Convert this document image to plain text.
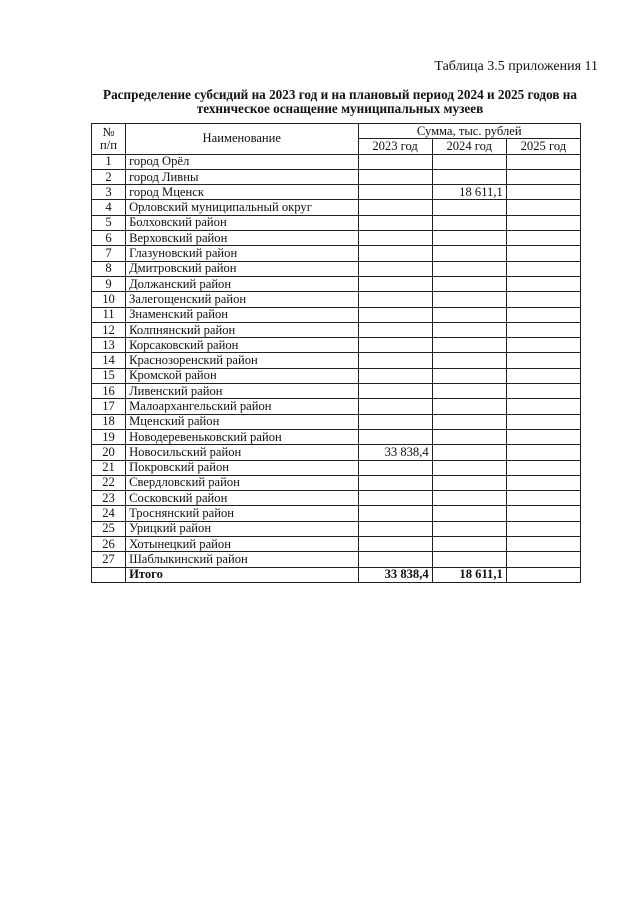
Таблица 3.5 приложения 11
Распределение субсидий на 2023 год и на плановый период 2024 и 2025 годов на
техническое оснащение муниципальных музеев
№
п/п	Наименование	Сумма, тыс. рублей		
		2023 год	2024 год	2025 год
1	город Орёл			
2	город Ливны			
3	город Мценск		18 611,1	
4	Орловский муниципальный округ			
5	Болховский район			
6	Верховский район			
7	Глазуновский район			
8	Дмитровский район			
9	Должанский район			
10	Залегощенский район			
11	Знаменский район			
12	Колпнянский район			
13	Корсаковский район			
14	Краснозоренский район			
15	Кромской район			
16	Ливенский район			
17	Малоархангельский район			
18	Мценский район			
19	Новодеревеньковский район			
20	Новосильский район	33 838,4		
21	Покровский район			
22	Свердловский район			
23	Сосковский район			
24	Троснянский район			
25	Урицкий район			
26	Хотынецкий район			
27	Шаблыкинский район			
	Итого	33 838,4	18 611,1	
